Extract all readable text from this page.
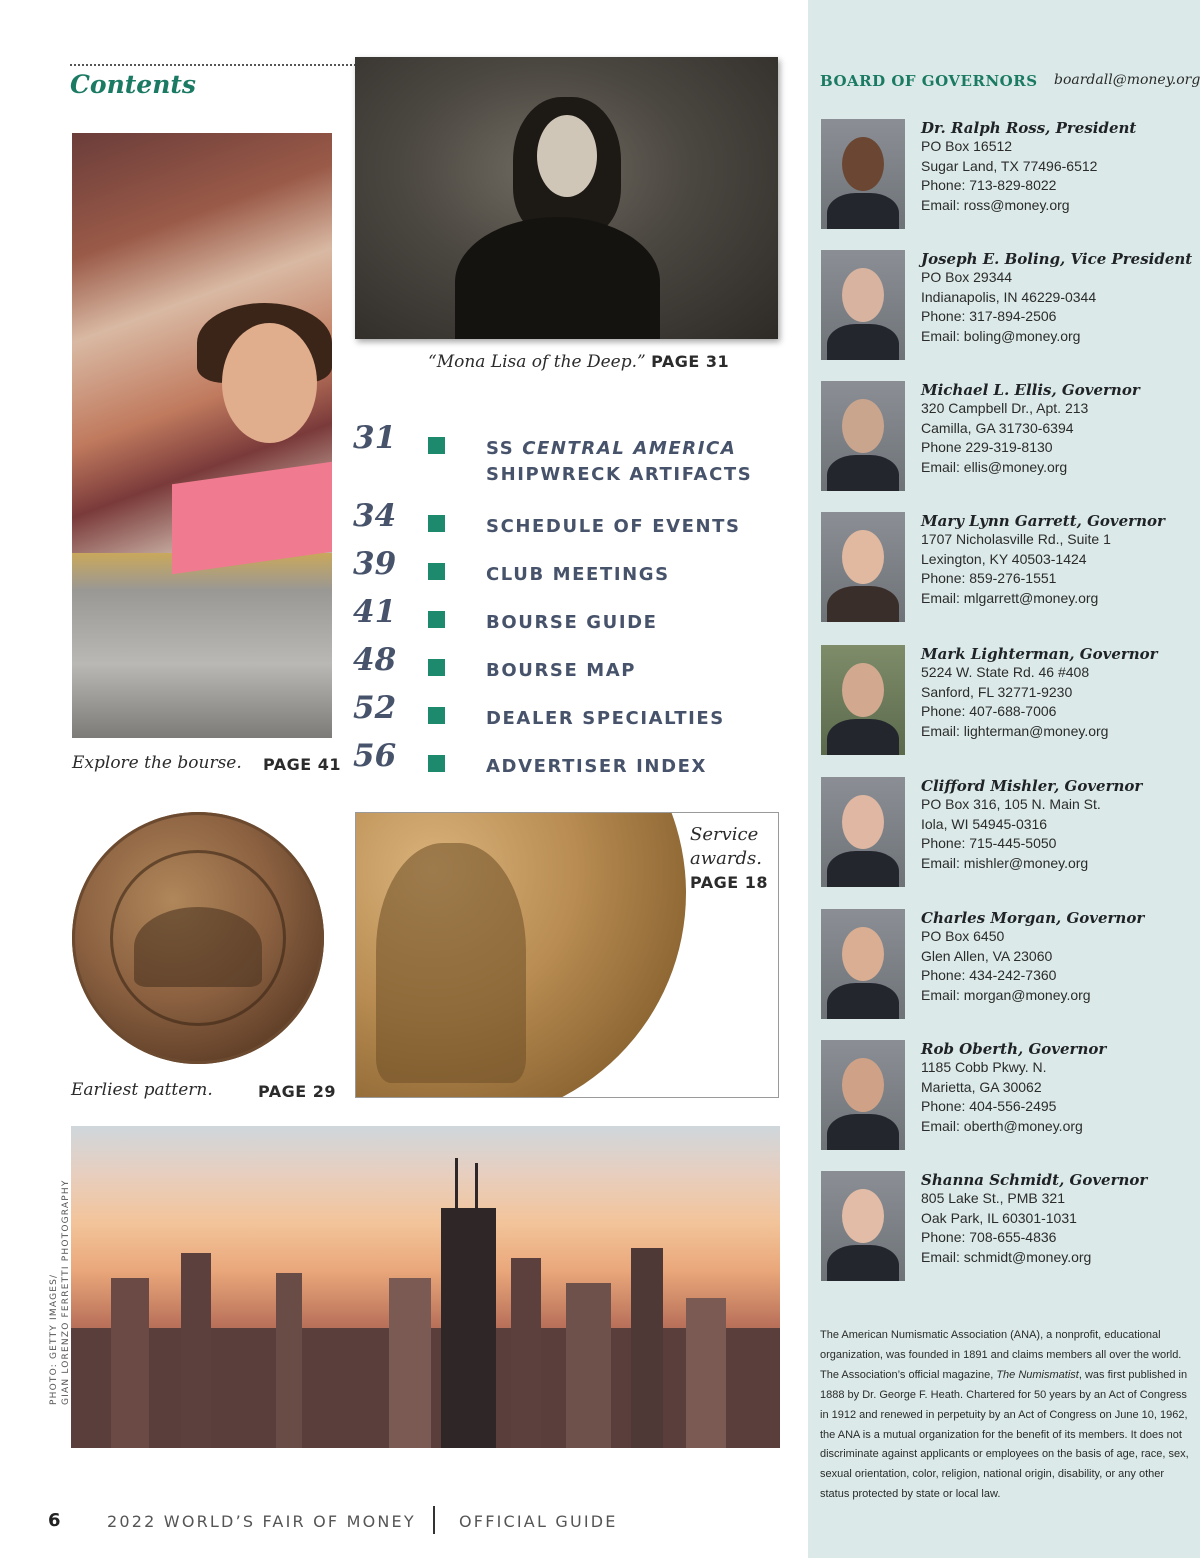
Contents
Explore the bourse. PAGE 41
“Mona Lisa of the Deep.” PAGE 31
31	SS CENTRAL AMERICA
SHIPWRECK ARTIFACTS
34	SCHEDULE OF EVENTS
39	CLUB MEETINGS
41	BOURSE GUIDE
48	BOURSE MAP
52	DEALER SPECIALTIES
56	ADVERTISER INDEX
Earliest pattern.	PAGE 29
Service
awards.
PAGE 18
PHOTO: GETTY IMAGES/ GIAN LORENZO FERRETTI PHOTOGRAPHY
6	2022 WORLD’S FAIR OF MONEY	OFFICIAL GUIDE
BOARD OF GOVERNORS boardall@money.org
Dr. Ralph Ross, President
PO Box 16512
Sugar Land, TX 77496-6512
Phone: 713-829-8022
Email: ross@money.org
Joseph E. Boling, Vice President
PO Box 29344
Indianapolis, IN 46229-0344
Phone: 317-894-2506
Email: boling@money.org
Michael L. Ellis, Governor
320 Campbell Dr., Apt. 213
Camilla, GA 31730-6394
Phone 229-319-8130
Email: ellis@money.org
Mary Lynn Garrett, Governor
1707 Nicholasville Rd., Suite 1
Lexington, KY 40503-1424
Phone: 859-276-1551
Email: mlgarrett@money.org
Mark Lighterman, Governor
5224 W. State Rd. 46 #408
Sanford, FL 32771-9230
Phone: 407-688-7006
Email: lighterman@money.org
Clifford Mishler, Governor
PO Box 316, 105 N. Main St.
Iola, WI 54945-0316
Phone: 715-445-5050
Email: mishler@money.org
Charles Morgan, Governor
PO Box 6450
Glen Allen, VA 23060
Phone: 434-242-7360
Email: morgan@money.org
Rob Oberth, Governor
1185 Cobb Pkwy. N.
Marietta, GA 30062
Phone: 404-556-2495
Email: oberth@money.org
Shanna Schmidt, Governor
805 Lake St., PMB 321
Oak Park, IL 60301-1031
Phone: 708-655-4836
Email: schmidt@money.org
The American Numismatic Association (ANA), a nonprofit, educational organization, was founded in 1891 and claims members all over the world. The Association’s official magazine, The Numismatist, was first published in 1888 by Dr. George F. Heath. Chartered for 50 years by an Act of Congress in 1912 and renewed in perpetuity by an Act of Congress on June 10, 1962, the ANA is a mutual organization for the benefit of its members. It does not discriminate against applicants or employees on the basis of age, race, sex, sexual orientation, color, religion, national origin, disability, or any other status protected by state or local law.
